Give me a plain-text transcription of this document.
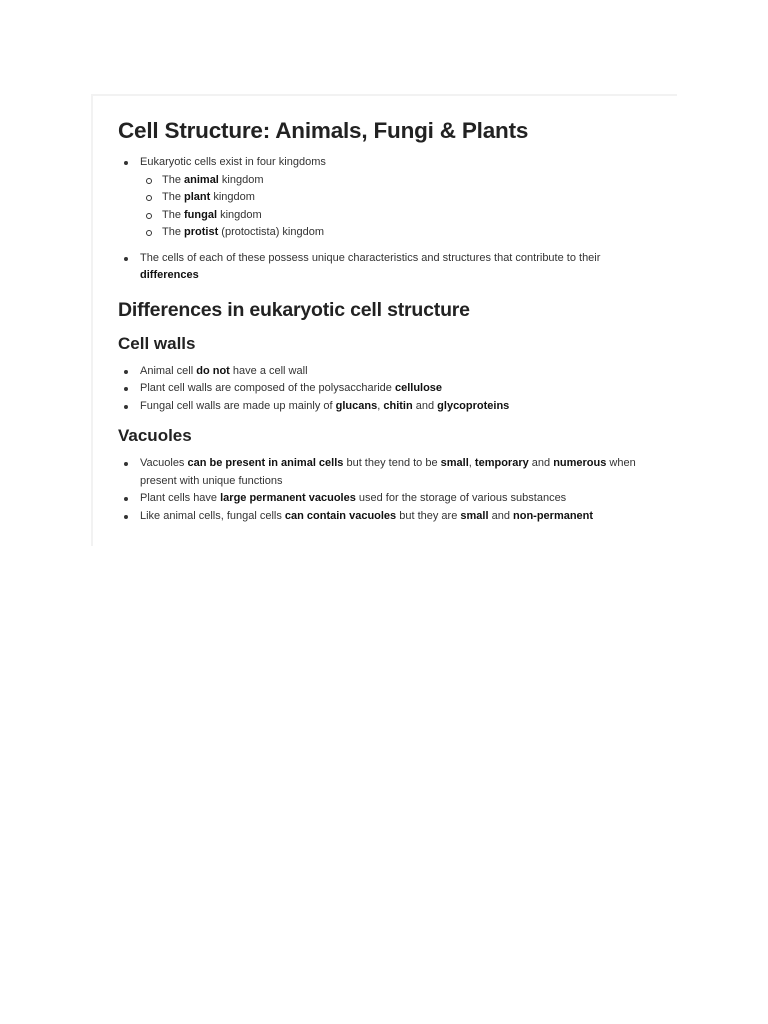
Cell Structure: Animals, Fungi & Plants
Eukaryotic cells exist in four kingdoms
The animal kingdom
The plant kingdom
The fungal kingdom
The protist (protoctista) kingdom
The cells of each of these possess unique characteristics and structures that contribute to their
differences
Differences in eukaryotic cell structure
Cell walls
Animal cell do not have a cell wall
Plant cell walls are composed of the polysaccharide cellulose
Fungal cell walls are made up mainly of glucans, chitin and glycoproteins
Vacuoles
Vacuoles can be present in animal cells but they tend to be small, temporary and numerous when present with unique functions
Plant cells have large permanent vacuoles used for the storage of various substances
Like animal cells, fungal cells can contain vacuoles but they are small and non-permanent
